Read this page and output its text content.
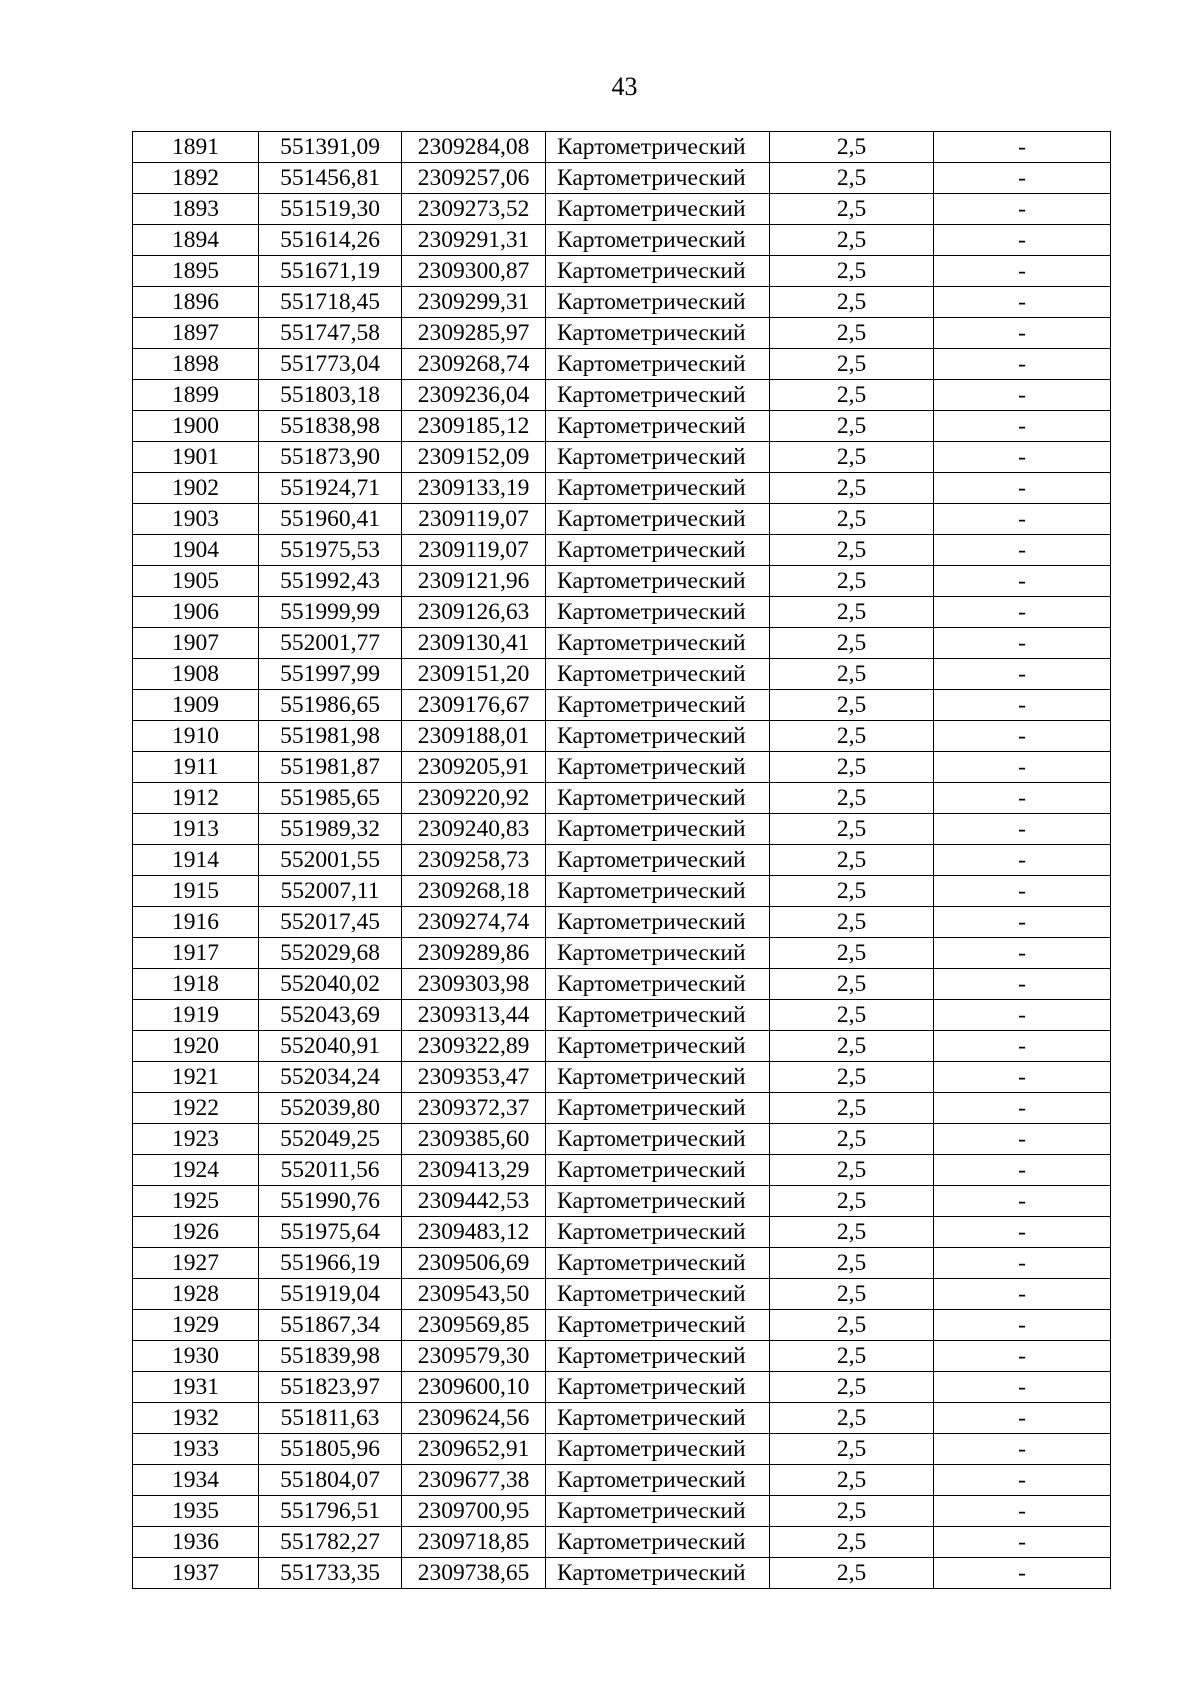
43
1891	551391,09	2309284,08	Картометрический	2,5	-
1892	551456,81	2309257,06	Картометрический	2,5	-
1893	551519,30	2309273,52	Картометрический	2,5	-
1894	551614,26	2309291,31	Картометрический	2,5	-
1895	551671,19	2309300,87	Картометрический	2,5	-
1896	551718,45	2309299,31	Картометрический	2,5	-
1897	551747,58	2309285,97	Картометрический	2,5	-
1898	551773,04	2309268,74	Картометрический	2,5	-
1899	551803,18	2309236,04	Картометрический	2,5	-
1900	551838,98	2309185,12	Картометрический	2,5	-
1901	551873,90	2309152,09	Картометрический	2,5	-
1902	551924,71	2309133,19	Картометрический	2,5	-
1903	551960,41	2309119,07	Картометрический	2,5	-
1904	551975,53	2309119,07	Картометрический	2,5	-
1905	551992,43	2309121,96	Картометрический	2,5	-
1906	551999,99	2309126,63	Картометрический	2,5	-
1907	552001,77	2309130,41	Картометрический	2,5	-
1908	551997,99	2309151,20	Картометрический	2,5	-
1909	551986,65	2309176,67	Картометрический	2,5	-
1910	551981,98	2309188,01	Картометрический	2,5	-
1911	551981,87	2309205,91	Картометрический	2,5	-
1912	551985,65	2309220,92	Картометрический	2,5	-
1913	551989,32	2309240,83	Картометрический	2,5	-
1914	552001,55	2309258,73	Картометрический	2,5	-
1915	552007,11	2309268,18	Картометрический	2,5	-
1916	552017,45	2309274,74	Картометрический	2,5	-
1917	552029,68	2309289,86	Картометрический	2,5	-
1918	552040,02	2309303,98	Картометрический	2,5	-
1919	552043,69	2309313,44	Картометрический	2,5	-
1920	552040,91	2309322,89	Картометрический	2,5	-
1921	552034,24	2309353,47	Картометрический	2,5	-
1922	552039,80	2309372,37	Картометрический	2,5	-
1923	552049,25	2309385,60	Картометрический	2,5	-
1924	552011,56	2309413,29	Картометрический	2,5	-
1925	551990,76	2309442,53	Картометрический	2,5	-
1926	551975,64	2309483,12	Картометрический	2,5	-
1927	551966,19	2309506,69	Картометрический	2,5	-
1928	551919,04	2309543,50	Картометрический	2,5	-
1929	551867,34	2309569,85	Картометрический	2,5	-
1930	551839,98	2309579,30	Картометрический	2,5	-
1931	551823,97	2309600,10	Картометрический	2,5	-
1932	551811,63	2309624,56	Картометрический	2,5	-
1933	551805,96	2309652,91	Картометрический	2,5	-
1934	551804,07	2309677,38	Картометрический	2,5	-
1935	551796,51	2309700,95	Картометрический	2,5	-
1936	551782,27	2309718,85	Картометрический	2,5	-
1937	551733,35	2309738,65	Картометрический	2,5	-
